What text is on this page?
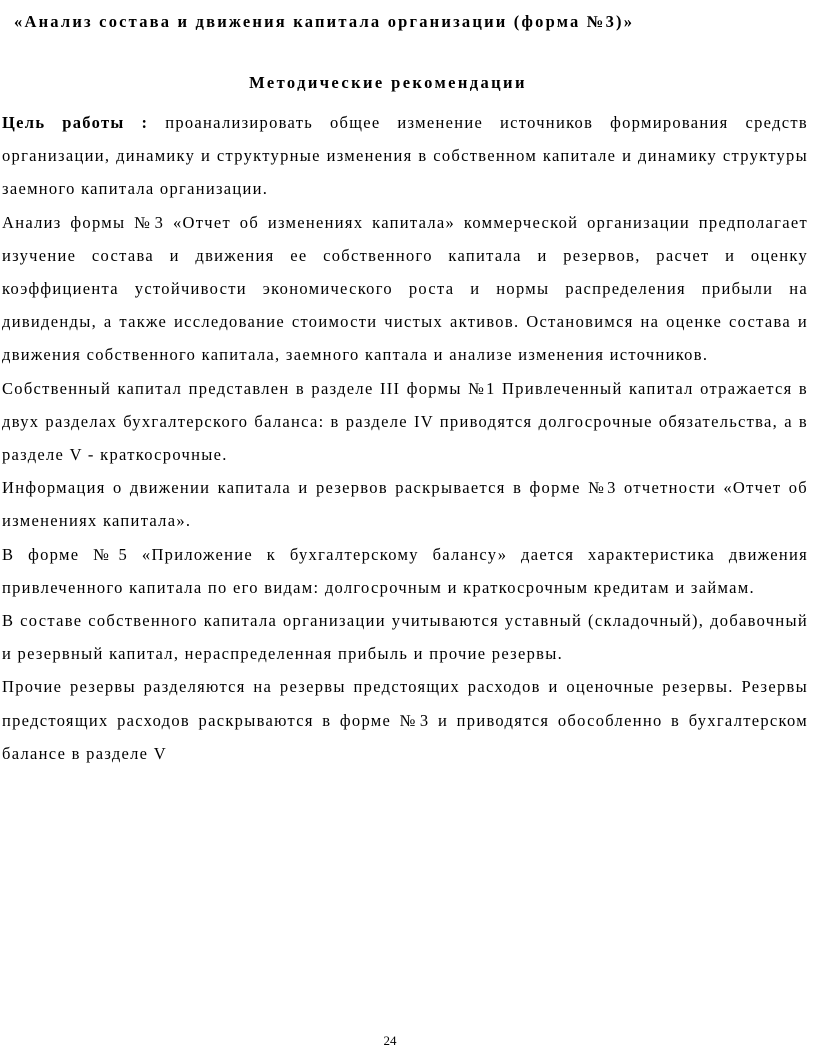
«Анализ состава и движения капитала организации (форма №3)»
Методические рекомендации

Цель работы : проанализировать общее изменение источников формирования средств организации, динамику и структурные изменения в собственном капитале и динамику структуры заемного капитала организации.

Анализ формы №3 «Отчет об изменениях капитала» коммерческой организации предполагает изучение состава и движения ее собственного капитала и резервов, расчет и оценку коэффициента устойчивости экономического роста и нормы распределения прибыли на дивиденды, а также исследование стоимости чистых активов. Остановимся на оценке состава и движения собственного капитала, заемного каптала и анализе изменения источников.

Собственный капитал представлен в разделе III формы №1 Привлеченный капитал отражается в двух разделах бухгалтерского баланса: в разделе IV приводятся долгосрочные обязательства, а в разделе V - краткосрочные.

Информация о движении капитала и резервов раскрывается в форме №3 отчетности «Отчет об изменениях капитала».

В форме №5 «Приложение к бухгалтерскому балансу» дается характеристика движения привлеченного капитала по его видам: долгосрочным и краткосрочным кредитам и займам.

В составе собственного капитала организации учитываются уставный (складочный), добавочный и резервный капитал, нераспределенная прибыль и прочие резервы.

Прочие резервы разделяются на резервы предстоящих расходов и оценочные резервы. Резервы предстоящих расходов раскрываются в форме №3 и приводятся обособленно в бухгалтерском балансе в разделе V

24
